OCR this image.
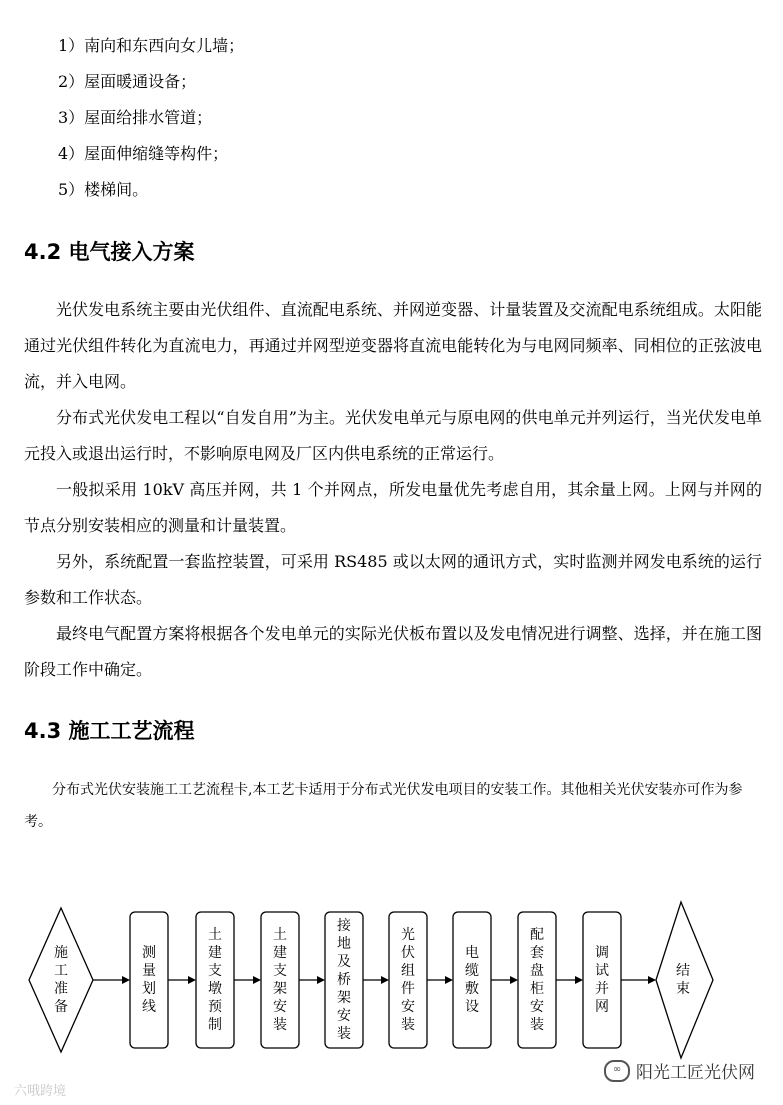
1）南向和东西向女儿墙；
2）屋面暖通设备；
3）屋面给排水管道；
4）屋面伸缩缝等构件；
5）楼梯间。
4.2 电气接入方案

光伏发电系统主要由光伏组件、直流配电系统、并网逆变器、计量装置及交流配电系统组成。太阳能通过光伏组件转化为直流电力，再通过并网型逆变器将直流电能转化为与电网同频率、同相位的正弦波电流，并入电网。

分布式光伏发电工程以“自发自用”为主。光伏发电单元与原电网的供电单元并列运行，当光伏发电单元投入或退出运行时，不影响原电网及厂区内供电系统的正常运行。

一般拟采用 10kV 高压并网，共 1 个并网点，所发电量优先考虑自用，其余量上网。上网与并网的节点分别安装相应的测量和计量装置。

另外，系统配置一套监控装置，可采用 RS485 或以太网的通讯方式，实时监测并网发电系统的运行参数和工作状态。

最终电气配置方案将根据各个发电单元的实际光伏板布置以及发电情况进行调整、选择，并在施工图阶段工作中确定。

4.3 施工工艺流程
分布式光伏安装施工工艺流程卡,本工艺卡适用于分布式光伏发电项目的安装工作。其他相关光伏安装亦可作为参考。
施
工
准
备
测
量
划
线
土
建
支
墩
预
制
土
建
支
架
安
装
接
地
及
桥
架
安
装
光
伏
组
件
安
装
电
缆
敷
设
配
套
盘
柜
安
装
调
试
并
网
结
束
六哦跨境
∞ 阳光工匠光伏网
